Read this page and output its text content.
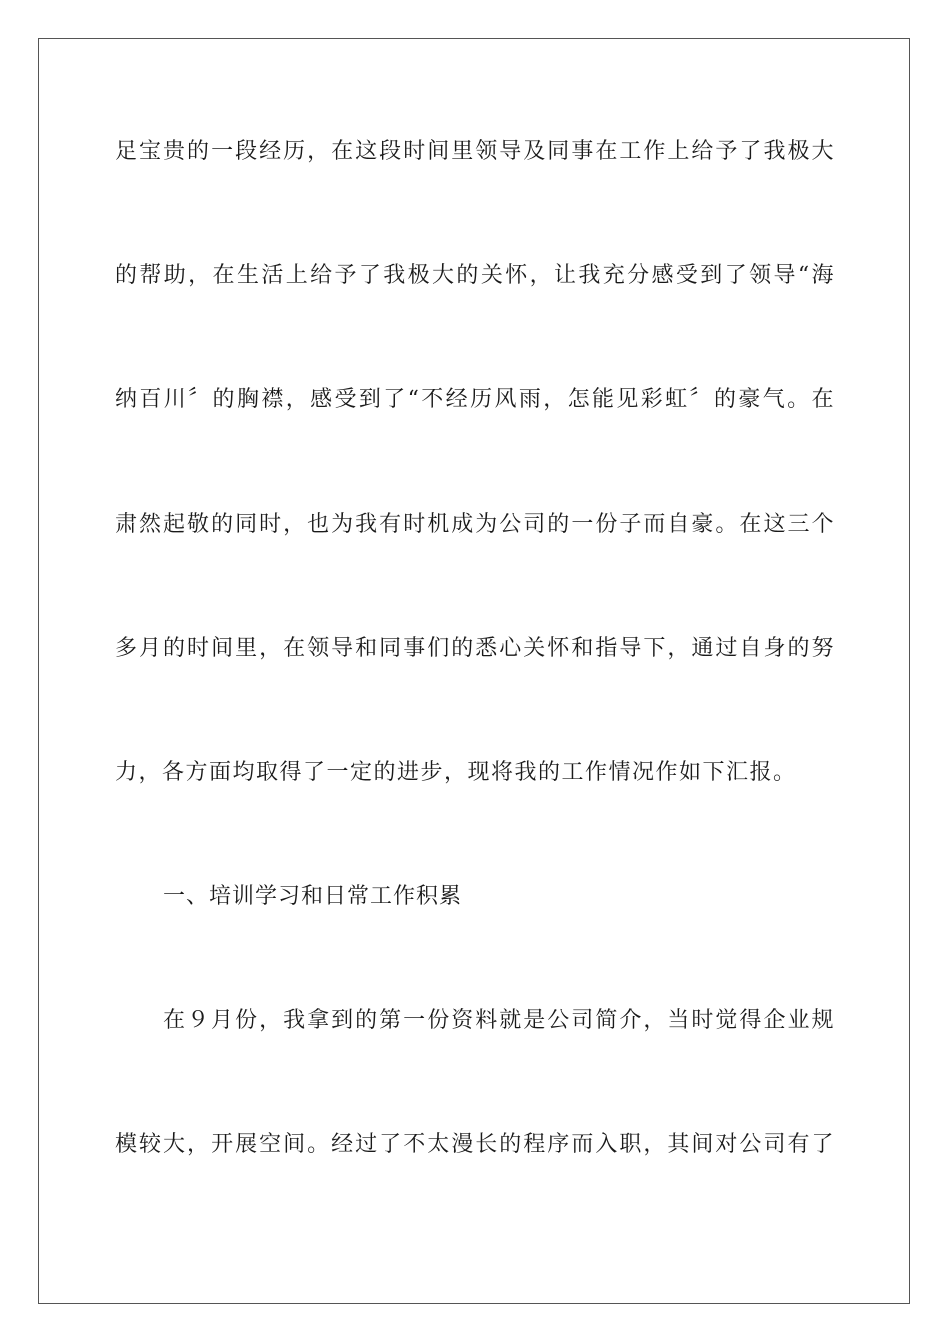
足宝贵的一段经历，在这段时间里领导及同事在工作上给予了我极大
的帮助，在生活上给予了我极大的关怀，让我充分感受到了领导“海
纳百川〞的胸襟，感受到了“不经历风雨，怎能见彩虹〞的豪气。在
肃然起敬的同时，也为我有时机成为公司的一份子而自豪。在这三个
多月的时间里，在领导和同事们的悉心关怀和指导下，通过自身的努
力，各方面均取得了一定的进步，现将我的工作情况作如下汇报。
一、培训学习和日常工作积累
在９月份，我拿到的第一份资料就是公司简介，当时觉得企业规
模较大，开展空间。经过了不太漫长的程序而入职，其间对公司有了
